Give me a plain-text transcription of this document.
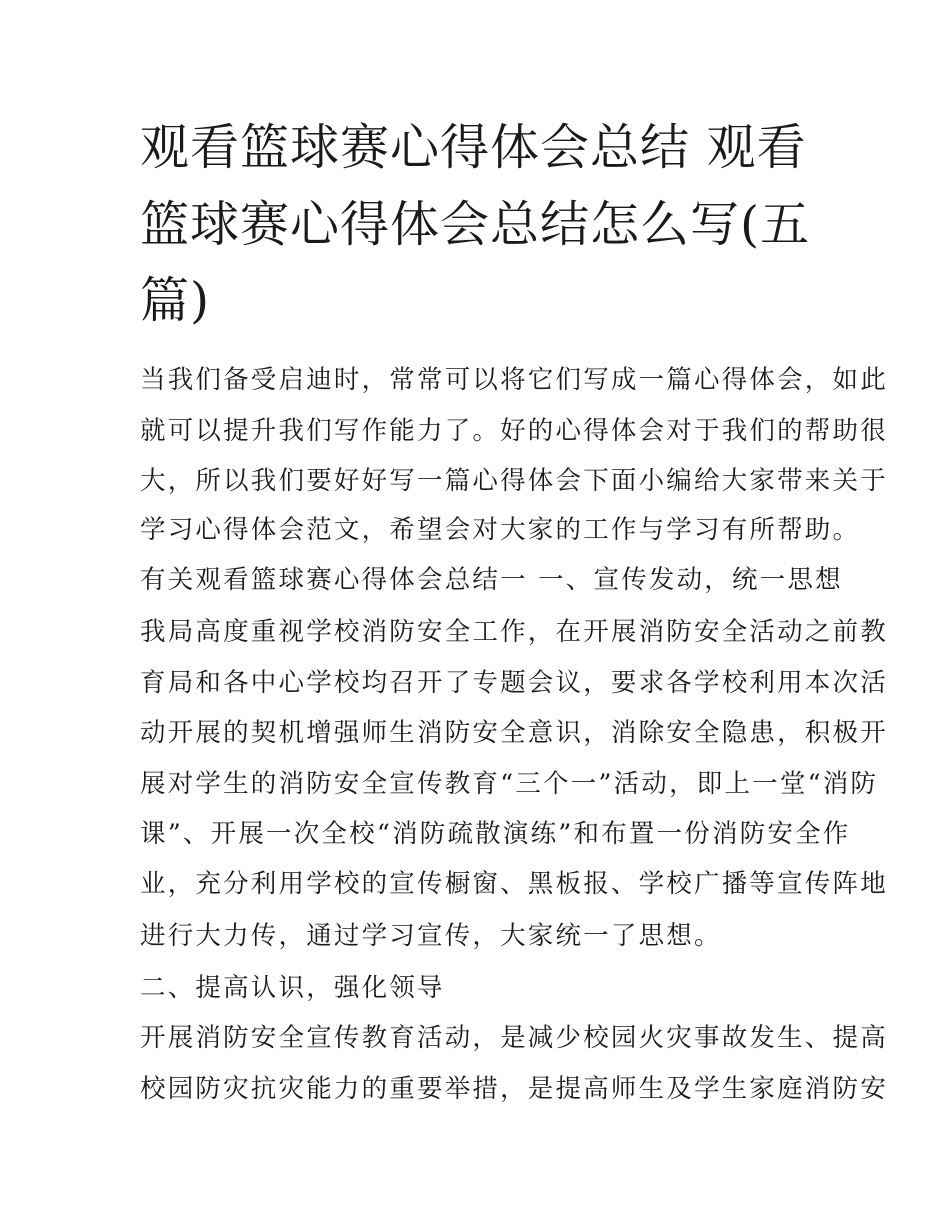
观看篮球赛心得体会总结 观看
篮球赛心得体会总结怎么写(五
篇)
当我们备受启迪时，常常可以将它们写成一篇心得体会，如此
就可以提升我们写作能力了。好的心得体会对于我们的帮助很
大，所以我们要好好写一篇心得体会下面小编给大家带来关于
学习心得体会范文，希望会对大家的工作与学习有所帮助。
有关观看篮球赛心得体会总结一 一、宣传发动，统一思想
我局高度重视学校消防安全工作，在开展消防安全活动之前教
育局和各中心学校均召开了专题会议，要求各学校利用本次活
动开展的契机增强师生消防安全意识，消除安全隐患，积极开
展对学生的消防安全宣传教育“三个一”活动，即上一堂“消防
课”、开展一次全校“消防疏散演练”和布置一份消防安全作
业，充分利用学校的宣传橱窗、黑板报、学校广播等宣传阵地
进行大力传，通过学习宣传，大家统一了思想。
二、提高认识，强化领导
开展消防安全宣传教育活动，是减少校园火灾事故发生、提高
校园防灾抗灾能力的重要举措，是提高师生及学生家庭消防安
